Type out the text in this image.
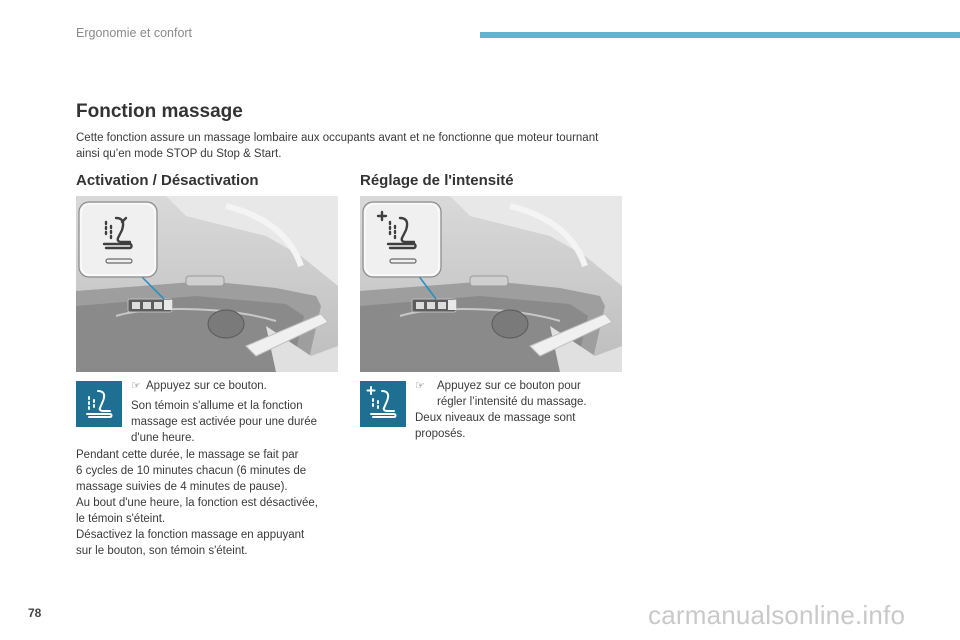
Ergonomie et confort
Fonction massage

Cette fonction assure un massage lombaire aux occupants avant et ne fonctionne que moteur tournant ainsi qu’en mode STOP du Stop & Start.

Activation / Désactivation
☞ Appuyez sur ce bouton.

Son témoin s'allume et la fonction massage est activée pour une durée d'une heure.

Pendant cette durée, le massage se fait par
6 cycles de 10 minutes chacun (6 minutes de
massage suivies de 4 minutes de pause).
Au bout d'une heure, la fonction est désactivée,
le témoin s'éteint.
Désactivez la fonction massage en appuyant
sur le bouton, son témoin s'éteint.
Réglage de l'intensité
☞ Appuyez sur ce bouton pour régler l’intensité du massage.

Deux niveaux de massage sont proposés.

78	carmanualsonline.info
